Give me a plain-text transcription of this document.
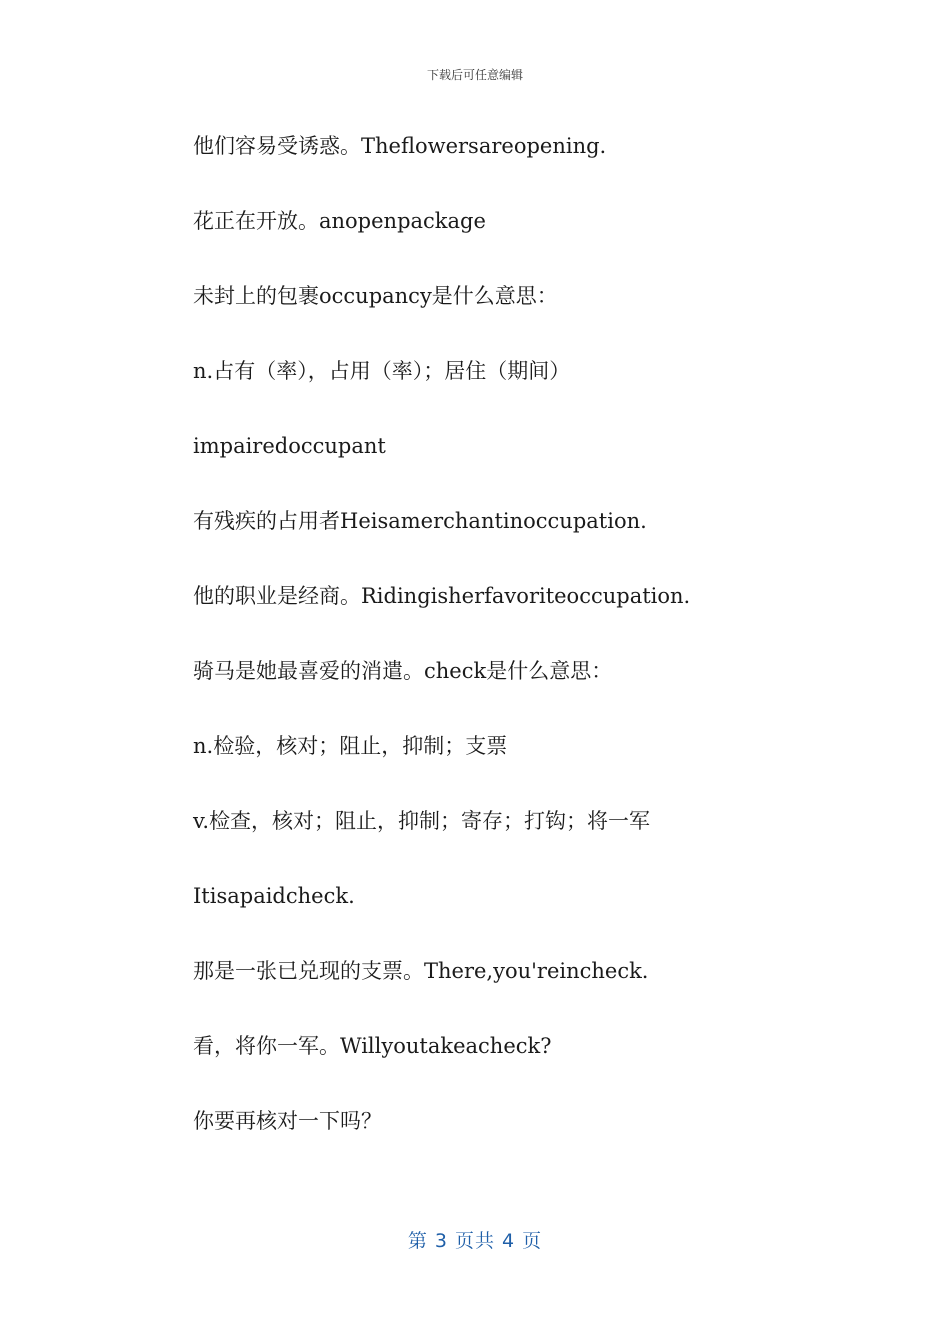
下载后可任意编辑
他们容易受诱惑。Theflowersareopening.
花正在开放。anopenpackage
未封上的包裹occupancy是什么意思：
n.占有（率），占用（率）；居住（期间）
impairedoccupant
有残疾的占用者Heisamerchantinoccupation.
他的职业是经商。Ridingisherfavoriteoccupation.
骑马是她最喜爱的消遣。check是什么意思：
n.检验，核对；阻止，抑制；支票
v.检查，核对；阻止，抑制；寄存；打钩；将一军
Itisapaidcheck.
那是一张已兑现的支票。There,you'reincheck.
看，将你一军。Willyoutakeacheck?
你要再核对一下吗？
第 3 页共 4 页
